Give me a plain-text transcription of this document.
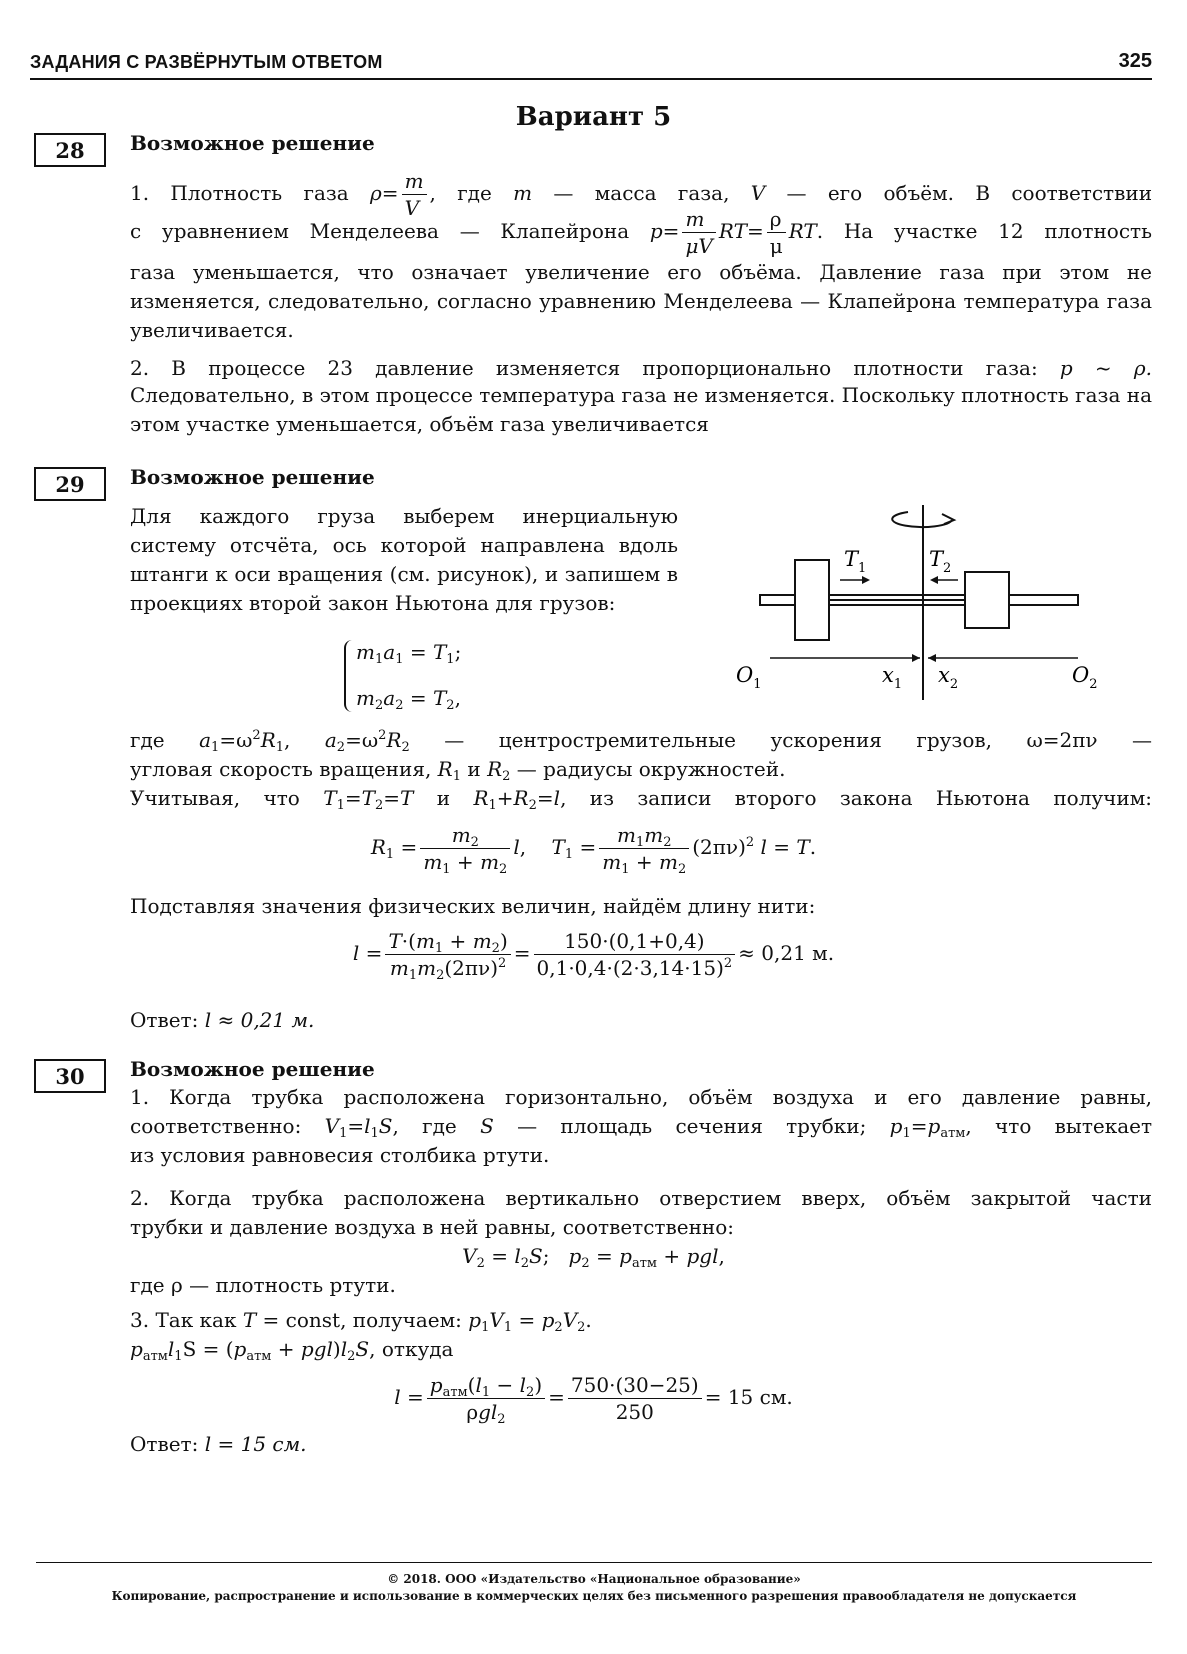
ЗАДАНИЯ С РАЗВЁРНУТЫМ ОТВЕТОМ	325
Вариант 5
28	Возможное решение
1. Плотность газа $\rho= \frac{m}{V}$ , где m — масса газа, V — его объём. В соответствии
с уравнением Менделеева — Клапейрона $p= \frac{m}{\mu V} RT= \frac{\rho}{\mu}$ RT. На участке 12 плотность
газа уменьшается, что означает увеличение его объёма. Давление газа при этом не изменяется, следовательно, согласно уравнению Менделеева — Клапейрона температура газа увеличивается.
2. В процессе 23 давление изменяется пропорционально плотности газа: p ~ ρ.
Следовательно, в этом процессе температура газа не изменяется. Поскольку плотность газа на этом участке уменьшается, объём газа увеличивается
29	Возможное решение
Для каждого груза выберем инерциальную систему отсчёта, ось которой направлена вдоль штанги к оси вращения (см. рисунок), и запишем в проекциях второй закон Ньютона для грузов:
$m_1a_1 = T_1$;
$m_2a_2 = T_2$,
$T_1$	$T_2$
$O_1$	$x_1$ $x_2$	$O_2$
где $a_1=\omega^2R_1$, $a_2=\omega^2R_2$ — центростремительные ускорения грузов, ω=2πν —
угловая скорость вращения, $R_1$ и $R_2$ — радиусы окружностей.
Учитывая, что $T_1=T_2=T$ и $R_1+R_2=l$, из записи второго закона Ньютона получим:
$R_1 = \frac{m_2}{m_1 + m_2} l$,    $T_1 = \frac{m_1m_2}{m_1 + m_2} (2\pi\nu)^2$ l = T.
Подставляя значения физических величин, найдём длину нити:
$l = \frac{T\cdot(m_1 + m_2)}{m_1m_2(2\pi\nu)^2} = \frac{150\cdot(0,1+0,4)}{0,1\cdot 0,4\cdot(2\cdot 3,14\cdot 15)^2} \approx 0,21$ м.
Ответ: l ≈ 0,21 м.
30	Возможное решение
1. Когда трубка расположена горизонтально, объём воздуха и его давление равны,
соответственно: $V_1=l_1S$, где S — площадь сечения трубки; $p_1=p_{атм}$, что вытекает
из условия равновесия столбика ртути.
2. Когда трубка расположена вертикально отверстием вверх, объём закрытой части
трубки и давление воздуха в ней равны, соответственно:
$V_2 = l_2S$;   $p_2 = p_{атм}$ + pgl,
где ρ — плотность ртути.
3. Так как T = const, получаем: $p_1V_1 = p_2V_2$.
$p_{атм}l_1S = (p_{атм} + pgl)l_2S$, откуда
$l = \frac{p_{атм}(l_1 - l_2)}{\rho gl_2} = \frac{750\cdot(30-25)}{250} = 15$ см.
Ответ: l = 15 см.
© 2018. ООО «Издательство «Национальное образование»
Копирование, распространение и использование в коммерческих целях без письменного разрешения правообладателя не допускается
